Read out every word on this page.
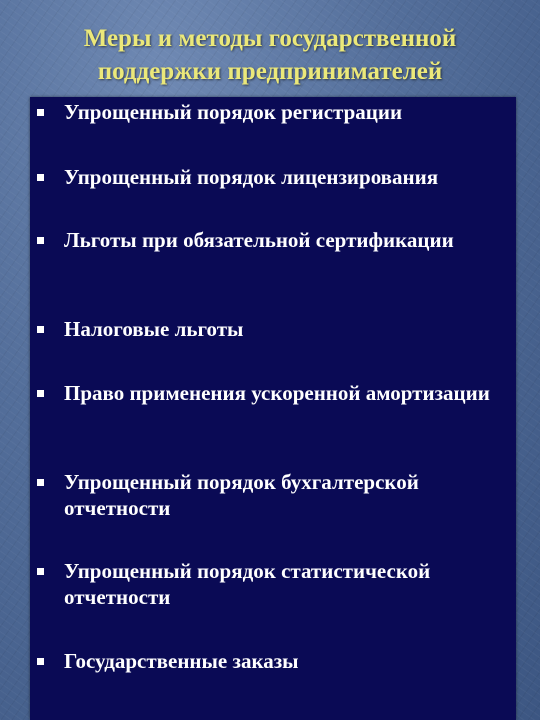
Меры и методы государственной
поддержки предпринимателей
Упрощенный порядок регистрации
Упрощенный порядок лицензирования
Льготы при обязательной сертификации
Налоговые льготы
Право применения ускоренной амортизации
Упрощенный порядок бухгалтерской отчетности
Упрощенный порядок статистической отчетности
Государственные заказы
